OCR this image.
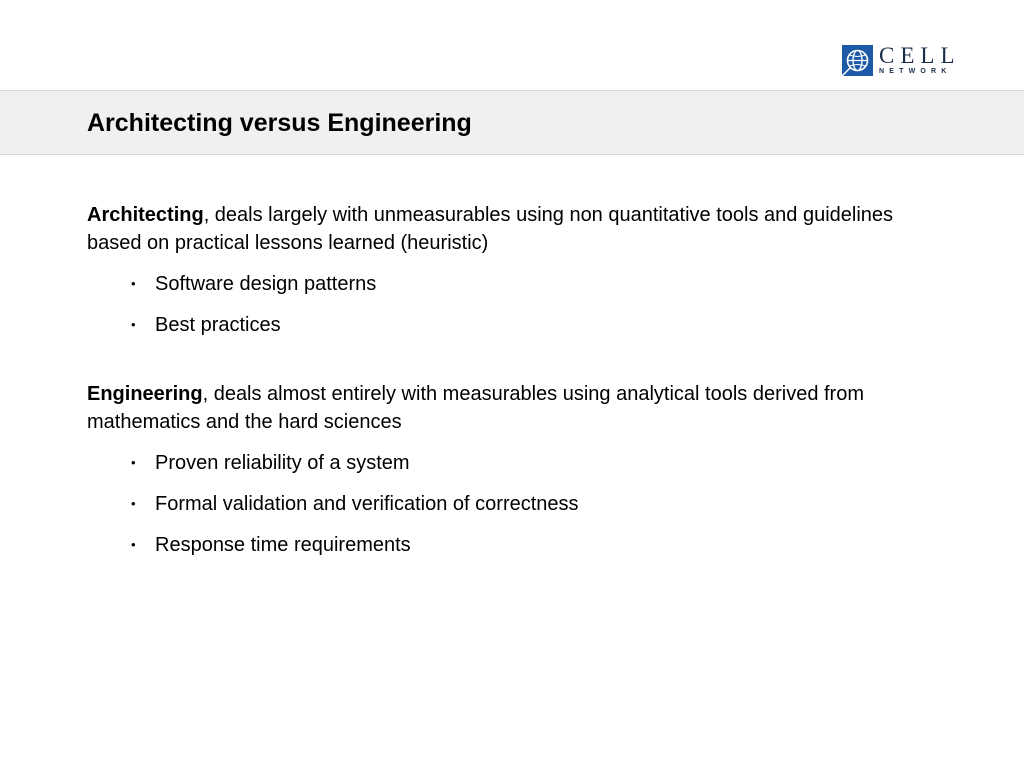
CELL
NETWORK
Architecting versus Engineering

Architecting, deals largely with unmeasurables using non quantitative tools and guidelines based on practical lessons learned (heuristic)

• Software design patterns
• Best practices

Engineering, deals almost entirely with measurables using analytical tools derived from mathematics and the hard sciences

• Proven reliability of a system
• Formal validation and verification of correctness
• Response time requirements
